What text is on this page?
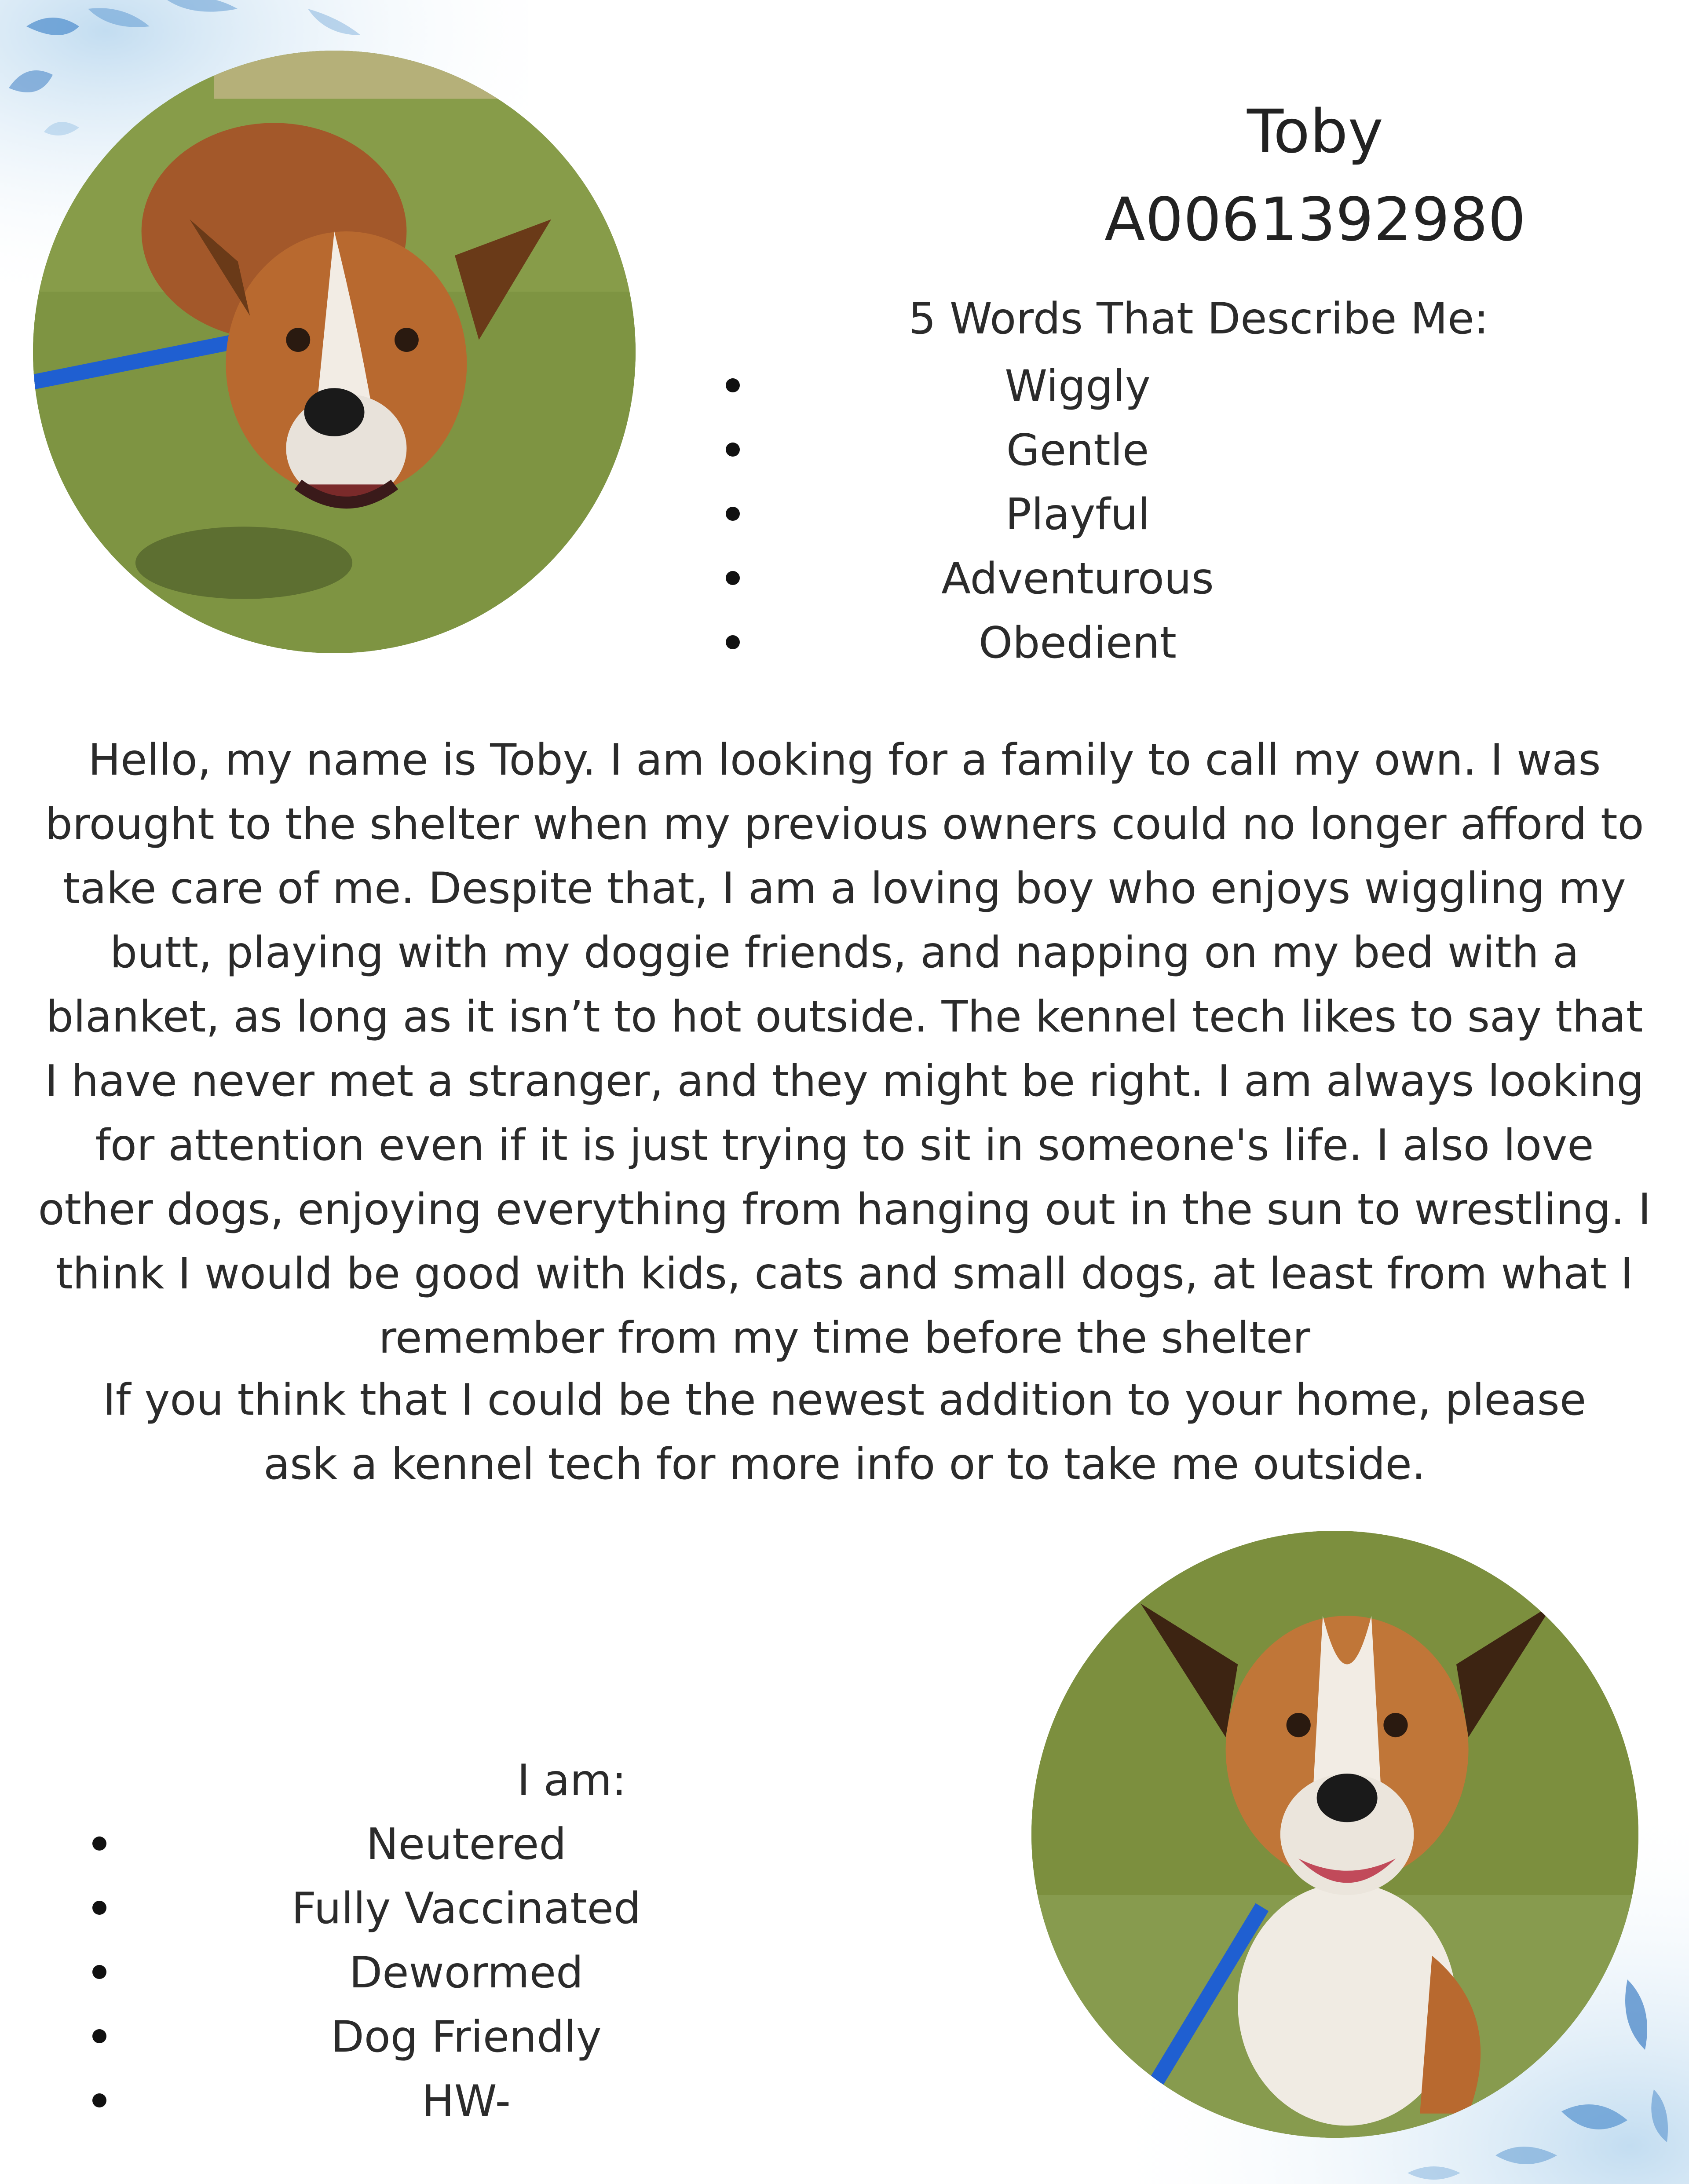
Toby
A0061392980
5 Words That Describe Me:
Wiggly
Gentle
Playful
Adventurous
Obedient

Hello, my name is Toby. I am looking for a family to call my own. I was brought to the shelter when my previous owners could no longer afford to take care of me. Despite that, I am a loving boy who enjoys wiggling my butt, playing with my doggie friends, and napping on my bed with a blanket, as long as it isn’t to hot outside. The kennel tech likes to say that I have never met a stranger, and they might be right. I am always looking for attention even if it is just trying to sit in someone's life. I also love other dogs, enjoying everything from hanging out in the sun to wrestling. I think I would be good with kids, cats and small dogs, at least from what I remember from my time before the shelter

If you think that I could be the newest addition to your home, please ask a kennel tech for more info or to take me outside.

I am:
Neutered
Fully Vaccinated
Dewormed
Dog Friendly
HW-
